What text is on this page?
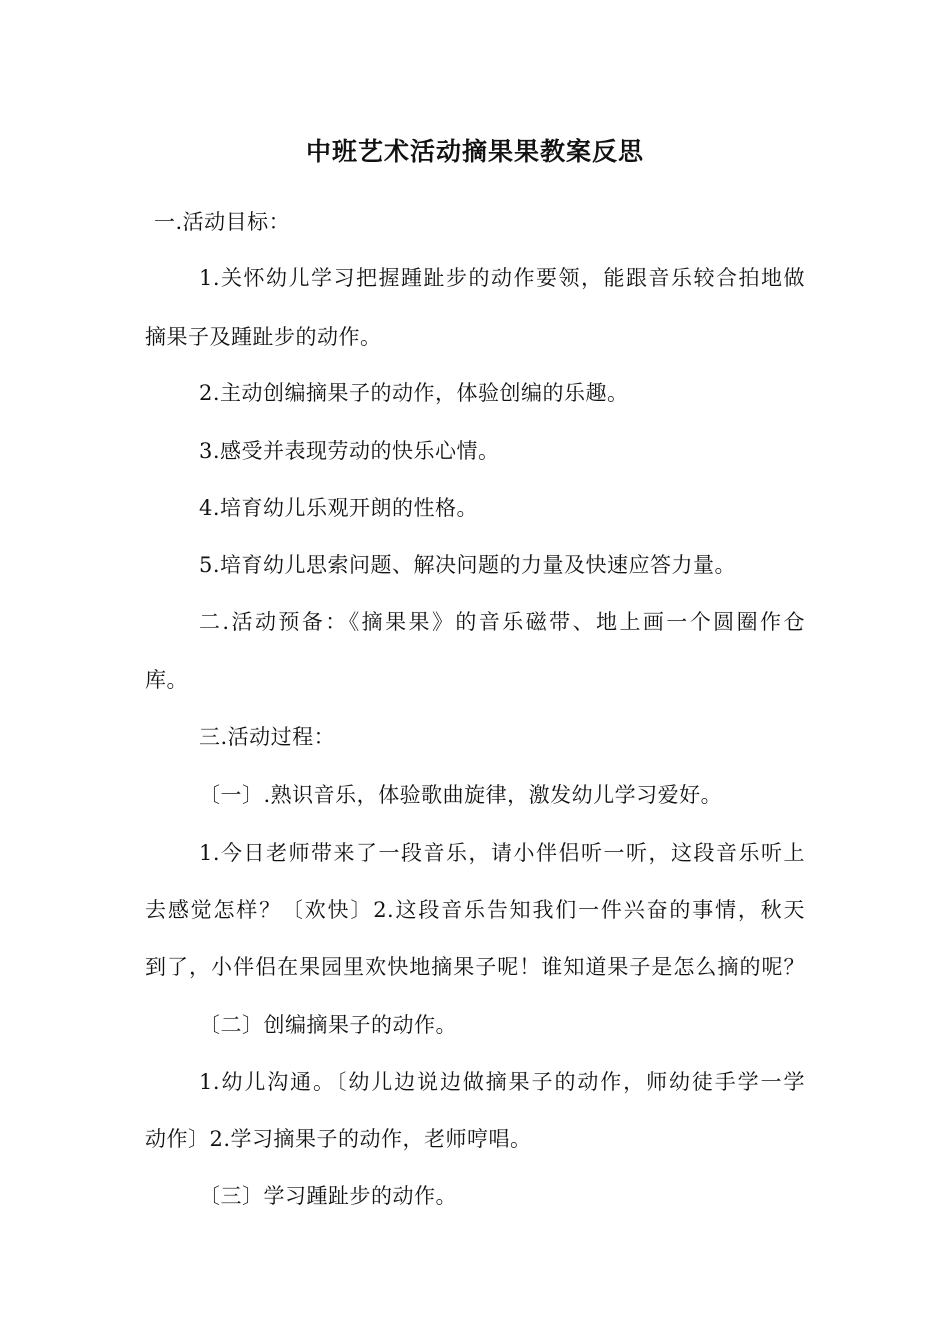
中班艺术活动摘果果教案反思
一.活动目标：
1.关怀幼儿学习把握踵趾步的动作要领，能跟音乐较合拍地做
摘果子及踵趾步的动作。
2.主动创编摘果子的动作，体验创编的乐趣。
3.感受并表现劳动的快乐心情。
4.培育幼儿乐观开朗的性格。
5.培育幼儿思索问题、解决问题的力量及快速应答力量。
二.活动预备：《摘果果》的音乐磁带、地上画一个圆圈作仓
库。
三.活动过程：
〔一〕.熟识音乐，体验歌曲旋律，激发幼儿学习爱好。
1.今日老师带来了一段音乐，请小伴侣听一听，这段音乐听上
去感觉怎样？〔欢快〕2.这段音乐告知我们一件兴奋的事情，秋天
到了，小伴侣在果园里欢快地摘果子呢！谁知道果子是怎么摘的呢？
〔二〕创编摘果子的动作。
1.幼儿沟通。〔幼儿边说边做摘果子的动作，师幼徒手学一学
动作〕2.学习摘果子的动作，老师哼唱。
〔三〕学习踵趾步的动作。
